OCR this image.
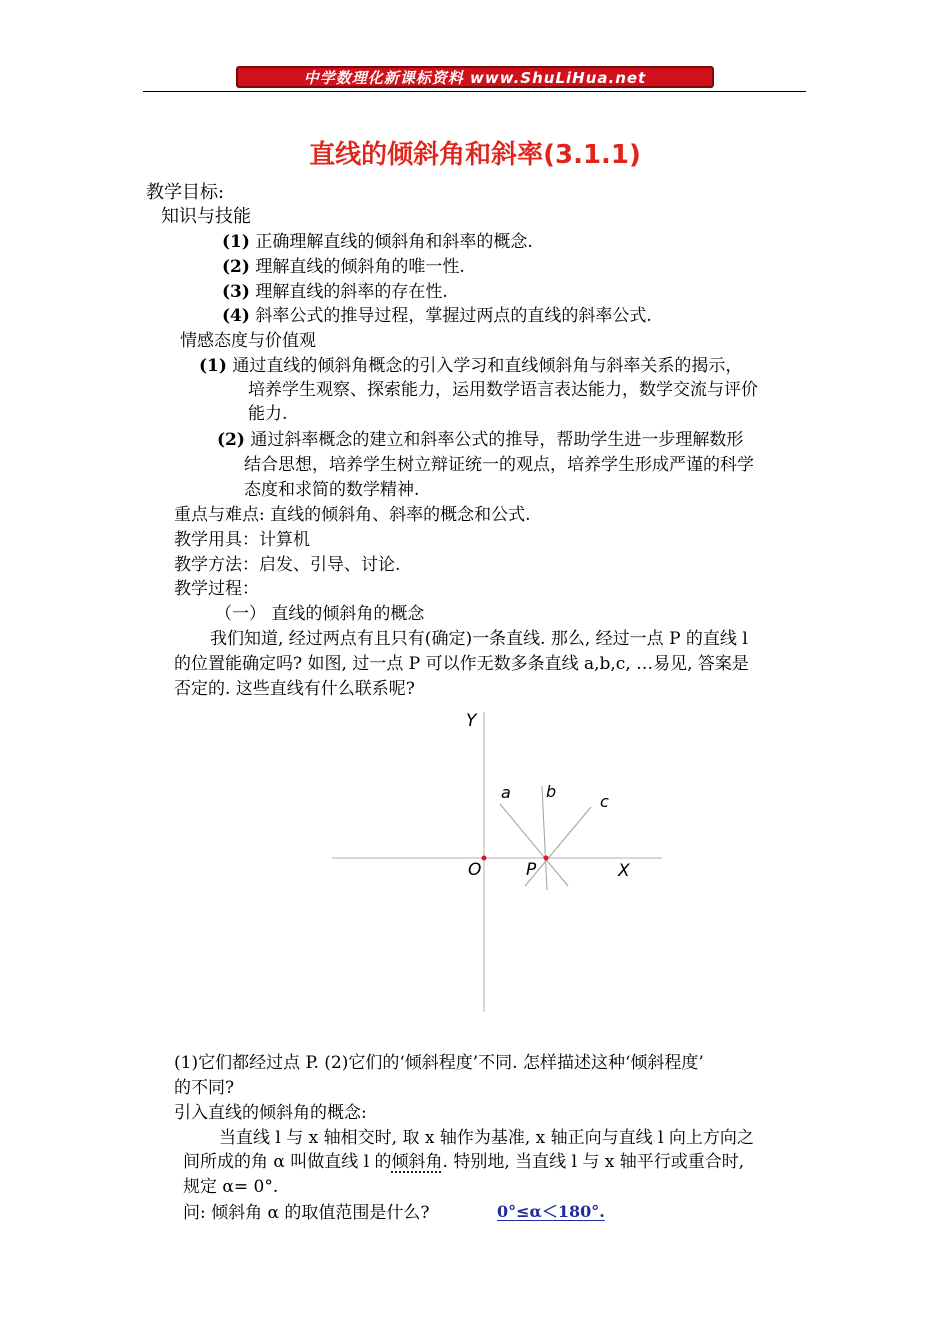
中学数理化新课标资料 www.ShuLiHua.net
直线的倾斜角和斜率(3.1.1)
教学目标:
知识与技能
(1) 正确理解直线的倾斜角和斜率的概念.
(2) 理解直线的倾斜角的唯一性.
(3) 理解直线的斜率的存在性.
(4) 斜率公式的推导过程，掌握过两点的直线的斜率公式.
情感态度与价值观
(1) 通过直线的倾斜角概念的引入学习和直线倾斜角与斜率关系的揭示，
培养学生观察、探索能力，运用数学语言表达能力，数学交流与评价
能力.
(2) 通过斜率概念的建立和斜率公式的推导，帮助学生进一步理解数形
结合思想，培养学生树立辩证统一的观点，培养学生形成严谨的科学
态度和求简的数学精神.
重点与难点: 直线的倾斜角、斜率的概念和公式.
教学用具：计算机
教学方法：启发、引导、讨论.
教学过程：
（一） 直线的倾斜角的概念
我们知道, 经过两点有且只有(确定)一条直线. 那么, 经过一点 P 的直线 l
的位置能确定吗? 如图, 过一点 P 可以作无数多条直线 a,b,c, …易见, 答案是
否定的. 这些直线有什么联系呢?
Y
X
O	P
a b
c
(1)它们都经过点 P. (2)它们的‘倾斜程度’不同. 怎样描述这种‘倾斜程度’
的不同?
引入直线的倾斜角的概念:
当直线 l 与 x 轴相交时, 取 x 轴作为基准, x 轴正向与直线 l 向上方向之
间所成的角 α 叫做直线 l 的倾斜角. 特别地, 当直线 l 与 x 轴平行或重合时,
规定 α= 0°.
问: 倾斜角 α 的取值范围是什么?	0°≤α＜180°.
